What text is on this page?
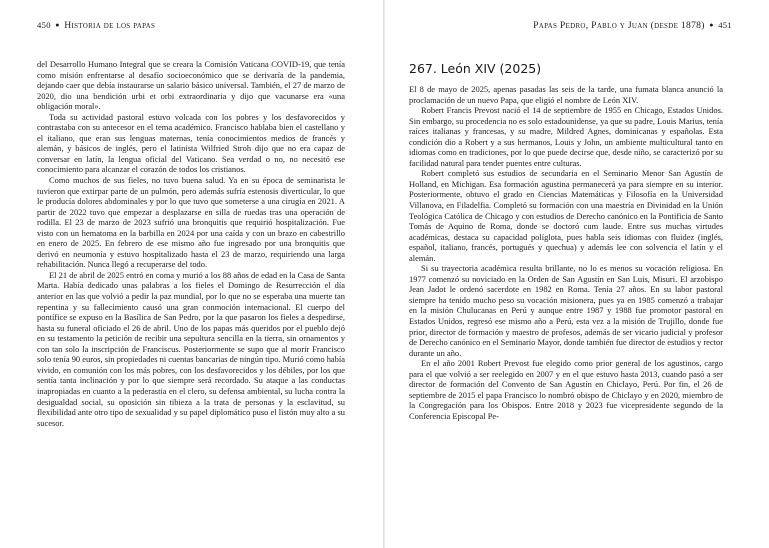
450 ● Historia de los papas

del Desarrollo Humano Integral que se creara la Comisión Vaticana COVID-19, que tenía como misión enfrentarse al desafío socioeconómico que se derivaría de la pandemia, dejando caer que debía instaurarse un salario básico universal. También, el 27 de marzo de 2020, dio una bendición urbi et orbi extraordinaria y dijo que vacunarse era «una obligación moral».

Toda su actividad pastoral estuvo volcada con los pobres y los desfavorecidos y contrastaba con su antecesor en el tema académico. Francisco hablaba bien el castellano y el italiano, que eran sus lenguas maternas, tenía conocimientos medios de francés y alemán, y básicos de inglés, pero el latinista Wilfried Stroh dijo que no era capaz de conversar en latín, la lengua oficial del Vaticano. Sea verdad o no, no necesitó ese conocimiento para alcanzar el corazón de todos los cristianos.

Como muchos de sus fieles, no tuvo buena salud. Ya en su época de seminarista le tuvieron que extirpar parte de un pulmón, pero además sufría estenosis diverticular, lo que le producía dolores abdominales y por lo que tuvo que someterse a una cirugía en 2021. A partir de 2022 tuvo que empezar a desplazarse en silla de ruedas tras una operación de rodilla. El 23 de marzo de 2023 sufrió una bronquitis que requirió hospitalización. Fue visto con un hematoma en la barbilla en 2024 por una caída y con un brazo en cabestrillo en enero de 2025. En febrero de ese mismo año fue ingresado por una bronquitis que derivó en neumonía y estuvo hospitalizado hasta el 23 de marzo, requiriendo una larga rehabilitación. Nunca llegó a recuperarse del todo.

El 21 de abril de 2025 entró en coma y murió a los 88 años de edad en la Casa de Santa Marta. Había dedicado unas palabras a los fieles el Domingo de Resurrección el día anterior en las que volvió a pedir la paz mundial, por lo que no se esperaba una muerte tan repentina y su fallecimiento causó una gran conmoción internacional. El cuerpo del pontífice se expuso en la Basílica de San Pedro, por la que pasaron los fieles a despedirse, hasta su funeral oficiado el 26 de abril. Uno de los papas más queridos por el pueblo dejó en su testamento la petición de recibir una sepultura sencilla en la tierra, sin ornamentos y con tan solo la inscripción de Franciscus. Posteriormente se supo que al morir Francisco solo tenía 90 euros, sin propiedades ni cuentas bancarias de ningún tipo. Murió como había vivido, en comunión con los más pobres, con los desfavorecidos y los débiles, por los que sentía tanta inclinación y por lo que siempre será recordado. Su ataque a las conductas inapropiadas en cuanto a la pederastia en el clero, su defensa ambiental, su lucha contra la desigualdad social, su oposición sin tibieza a la trata de personas y la esclavitud, su flexibilidad ante otro tipo de sexualidad y su papel diplomático puso el listón muy alto a su sucesor.

Papas Pedro, Pablo y Juan (desde 1878) ● 451
267. León XIV (2025)

El 8 de mayo de 2025, apenas pasadas las seis de la tarde, una fumata blanca anunció la proclamación de un nuevo Papa, que eligió el nombre de León XIV.

Robert Francis Prevost nació el 14 de septiembre de 1955 en Chicago, Estados Unidos. Sin embargo, su procedencia no es solo estadounidense, ya que su padre, Louis Marius, tenía raíces italianas y francesas, y su madre, Mildred Agnes, dominicanas y españolas. Esta condición dio a Robert y a sus hermanos, Louis y John, un ambiente multicultural tanto en idiomas como en tradiciones, por lo que puede decirse que, desde niño, se caracterizó por su facilidad natural para tender puentes entre culturas.

Robert completó sus estudios de secundaria en el Seminario Menor San Agustín de Holland, en Michigan. Esa formación agustina permanecerá ya para siempre en su interior. Posteriormente, obtuvo el grado en Ciencias Matemáticas y Filosofía en la Universidad Villanova, en Filadelfia. Completó su formación con una maestría en Divinidad en la Unión Teológica Católica de Chicago y con estudios de Derecho canónico en la Pontificia de Santo Tomás de Aquino de Roma, donde se doctoró cum laude. Entre sus muchas virtudes académicas, destaca su capacidad políglota, pues habla seis idiomas con fluidez (inglés, español, italiano, francés, portugués y quechua) y además lee con solvencia el latín y el alemán.

Si su trayectoria académica resulta brillante, no lo es menos su vocación religiosa. En 1977 comenzó su noviciado en la Orden de San Agustín en San Luis, Misuri. El arzobispo Jean Jadot le ordenó sacerdote en 1982 en Roma. Tenía 27 años. En su labor pastoral siempre ha tenido mucho peso su vocación misionera, pues ya en 1985 comenzó a trabajar en la misión Chulucanas en Perú y aunque entre 1987 y 1988 fue promotor pastoral en Estados Unidos, regresó ese mismo año a Perú, esta vez a la misión de Trujillo, donde fue prior, director de formación y maestro de profesos, además de ser vicario judicial y profesor de Derecho canónico en el Seminario Mayor, donde también fue director de estudios y rector durante un año.

En el año 2001 Robert Prevost fue elegido como prior general de los agustinos, cargo para el que volvió a ser reelegido en 2007 y en el que estuvo hasta 2013, cuando pasó a ser director de formación del Convento de San Agustín en Chiclayo, Perú. Por fin, el 26 de septiembre de 2015 el papa Francisco lo nombró obispo de Chiclayo y en 2020, miembro de la Congregación para los Obispos. Entre 2018 y 2023 fue vicepresidente segundo de la Conferencia Episcopal Pe-
